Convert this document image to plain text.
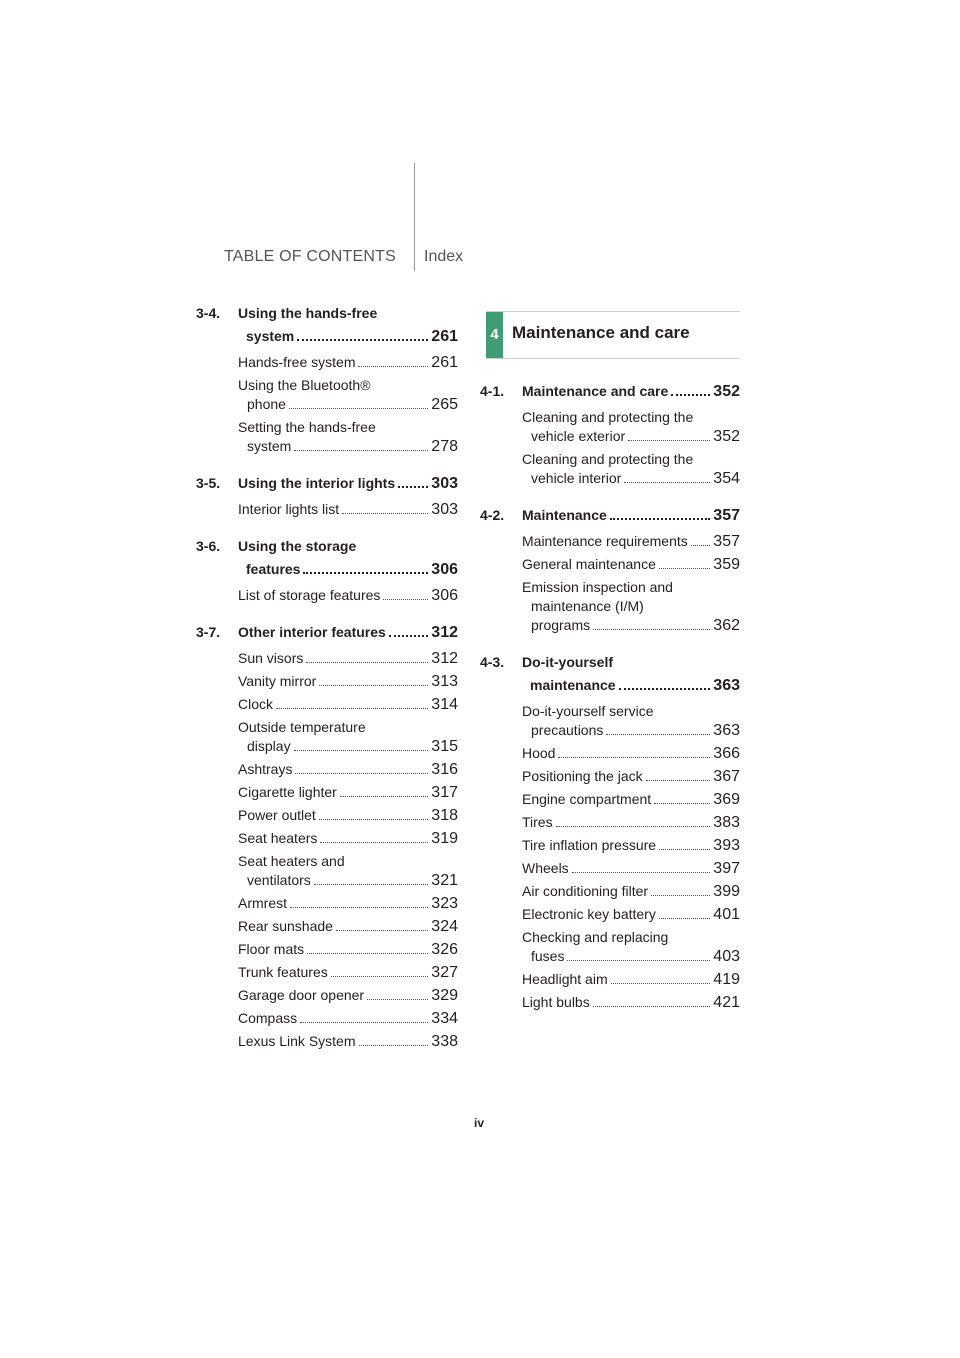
TABLE OF CONTENTS Index
3-4.	Using the hands-free
system	261
Hands-free system	261
Using the Bluetooth®
phone	265
Setting the hands-free
system	278
3-5.	Using the interior lights 303
Interior lights list	303
3-6.	Using the storage
features	306
List of storage features	306
3-7.	Other interior features	312
Sun visors	312
Vanity mirror	313
Clock	314
Outside temperature
display	315
Ashtrays	316
Cigarette lighter	317
Power outlet	318
Seat heaters	319
Seat heaters and
ventilators	321
Armrest	323
Rear sunshade	324
Floor mats	326
Trunk features	327
Garage door opener	329
Compass	334
Lexus Link System	338
4 Maintenance and care
4-1.	Maintenance and care	352
Cleaning and protecting the
vehicle exterior	352
Cleaning and protecting the
vehicle interior	354
4-2.	Maintenance	357
Maintenance requirements 357
General maintenance	359
Emission inspection and
maintenance (I/M)
programs	362
4-3.	Do-it-yourself
maintenance	363
Do-it-yourself service
precautions	363
Hood	366
Positioning the jack	367
Engine compartment	369
Tires	383
Tire inflation pressure	393
Wheels	397
Air conditioning filter	399
Electronic key battery	401
Checking and replacing
fuses	403
Headlight aim	419
Light bulbs	421
iv
